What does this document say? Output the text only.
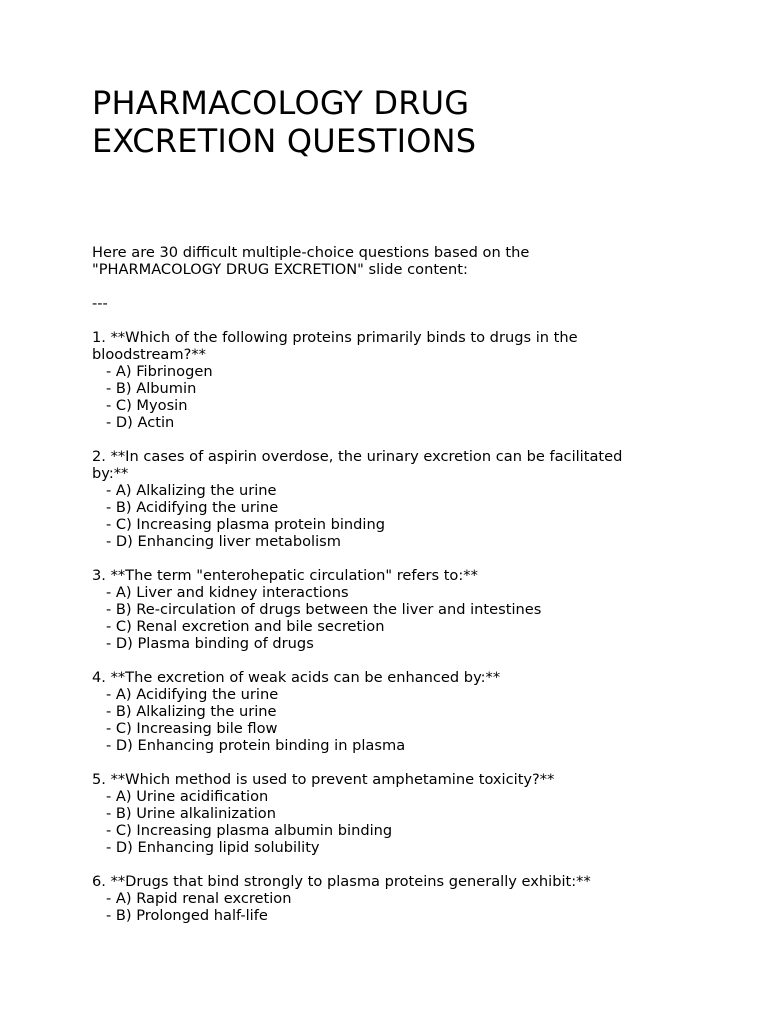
PHARMACOLOGY DRUG
EXCRETION QUESTIONS
Here are 30 difficult multiple-choice questions based on the
"PHARMACOLOGY DRUG EXCRETION" slide content:
---
1. **Which of the following proteins primarily binds to drugs in the
bloodstream?**
- A) Fibrinogen
- B) Albumin
- C) Myosin
- D) Actin
2. **In cases of aspirin overdose, the urinary excretion can be facilitated
by:**
- A) Alkalizing the urine
- B) Acidifying the urine
- C) Increasing plasma protein binding
- D) Enhancing liver metabolism
3. **The term "enterohepatic circulation" refers to:**
- A) Liver and kidney interactions
- B) Re-circulation of drugs between the liver and intestines
- C) Renal excretion and bile secretion
- D) Plasma binding of drugs
4. **The excretion of weak acids can be enhanced by:**
- A) Acidifying the urine
- B) Alkalizing the urine
- C) Increasing bile flow
- D) Enhancing protein binding in plasma
5. **Which method is used to prevent amphetamine toxicity?**
- A) Urine acidification
- B) Urine alkalinization
- C) Increasing plasma albumin binding
- D) Enhancing lipid solubility
6. **Drugs that bind strongly to plasma proteins generally exhibit:**
- A) Rapid renal excretion
- B) Prolonged half-life
